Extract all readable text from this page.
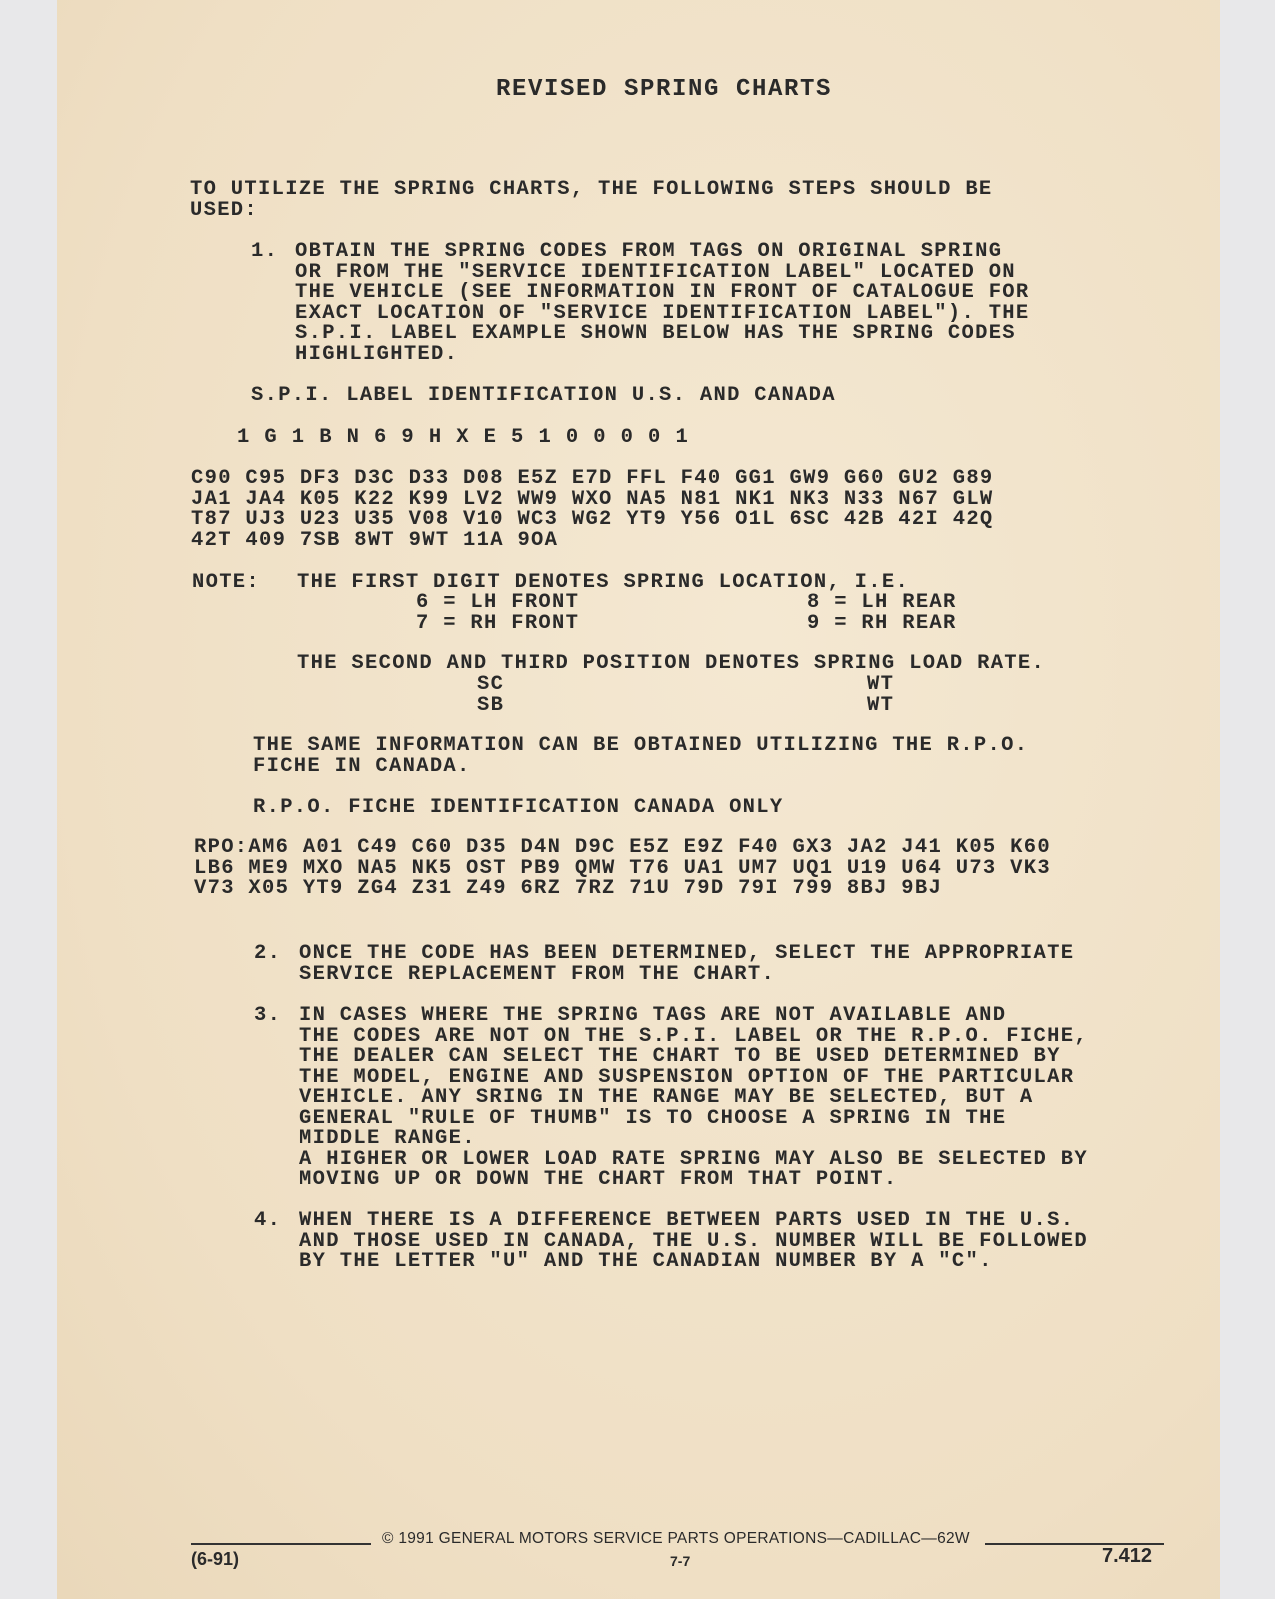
REVISED SPRING CHARTS
TO UTILIZE THE SPRING CHARTS, THE FOLLOWING STEPS SHOULD BE
USED:
1. OBTAIN THE SPRING CODES FROM TAGS ON ORIGINAL SPRING
OR FROM THE ″SERVICE IDENTIFICATION LABEL″ LOCATED ON
THE VEHICLE (SEE INFORMATION IN FRONT OF CATALOGUE FOR
EXACT LOCATION OF ″SERVICE IDENTIFICATION LABEL″). THE
S.P.I. LABEL EXAMPLE SHOWN BELOW HAS THE SPRING CODES
HIGHLIGHTED.
S.P.I. LABEL IDENTIFICATION U.S. AND CANADA
1 G 1 B N 6 9 H X E 5 1 0 0 0 0 1
C90 C95 DF3 D3C D33 D08 E5Z E7D FFL F40 GG1 GW9 G60 GU2 G89
JA1 JA4 K05 K22 K99 LV2 WW9 WXO NA5 N81 NK1 NK3 N33 N67 GLW
T87 UJ3 U23 U35 V08 V10 WC3 WG2 YT9 Y56 O1L 6SC 42B 42I 42Q
42T 409 7SB 8WT 9WT 11A 9OA
NOTE: THE FIRST DIGIT DENOTES SPRING LOCATION, I.E.
6 = LH FRONT
7 = RH FRONT
8 = LH REAR
9 = RH REAR
THE SECOND AND THIRD POSITION DENOTES SPRING LOAD RATE.
SC
SB
WT
WT
THE SAME INFORMATION CAN BE OBTAINED UTILIZING THE R.P.O.
FICHE IN CANADA.
R.P.O. FICHE IDENTIFICATION CANADA ONLY
RPO:AM6 A01 C49 C60 D35 D4N D9C E5Z E9Z F40 GX3 JA2 J41 K05 K60
LB6 ME9 MXO NA5 NK5 OST PB9 QMW T76 UA1 UM7 UQ1 U19 U64 U73 VK3
V73 X05 YT9 ZG4 Z31 Z49 6RZ 7RZ 71U 79D 79I 799 8BJ 9BJ
2. ONCE THE CODE HAS BEEN DETERMINED, SELECT THE APPROPRIATE
SERVICE REPLACEMENT FROM THE CHART.
3. IN CASES WHERE THE SPRING TAGS ARE NOT AVAILABLE AND
THE CODES ARE NOT ON THE S.P.I. LABEL OR THE R.P.O. FICHE,
THE DEALER CAN SELECT THE CHART TO BE USED DETERMINED BY
THE MODEL, ENGINE AND SUSPENSION OPTION OF THE PARTICULAR
VEHICLE. ANY SRING IN THE RANGE MAY BE SELECTED, BUT A
GENERAL ″RULE OF THUMB″ IS TO CHOOSE A SPRING IN THE
MIDDLE RANGE.
A HIGHER OR LOWER LOAD RATE SPRING MAY ALSO BE SELECTED BY
MOVING UP OR DOWN THE CHART FROM THAT POINT.
4. WHEN THERE IS A DIFFERENCE BETWEEN PARTS USED IN THE U.S.
AND THOSE USED IN CANADA, THE U.S. NUMBER WILL BE FOLLOWED
BY THE LETTER ″U″ AND THE CANADIAN NUMBER BY A ″C″.

© 1991 GENERAL MOTORS SERVICE PARTS OPERATIONS—CADILLAC—62W

(6-91)	7-7	7.412
